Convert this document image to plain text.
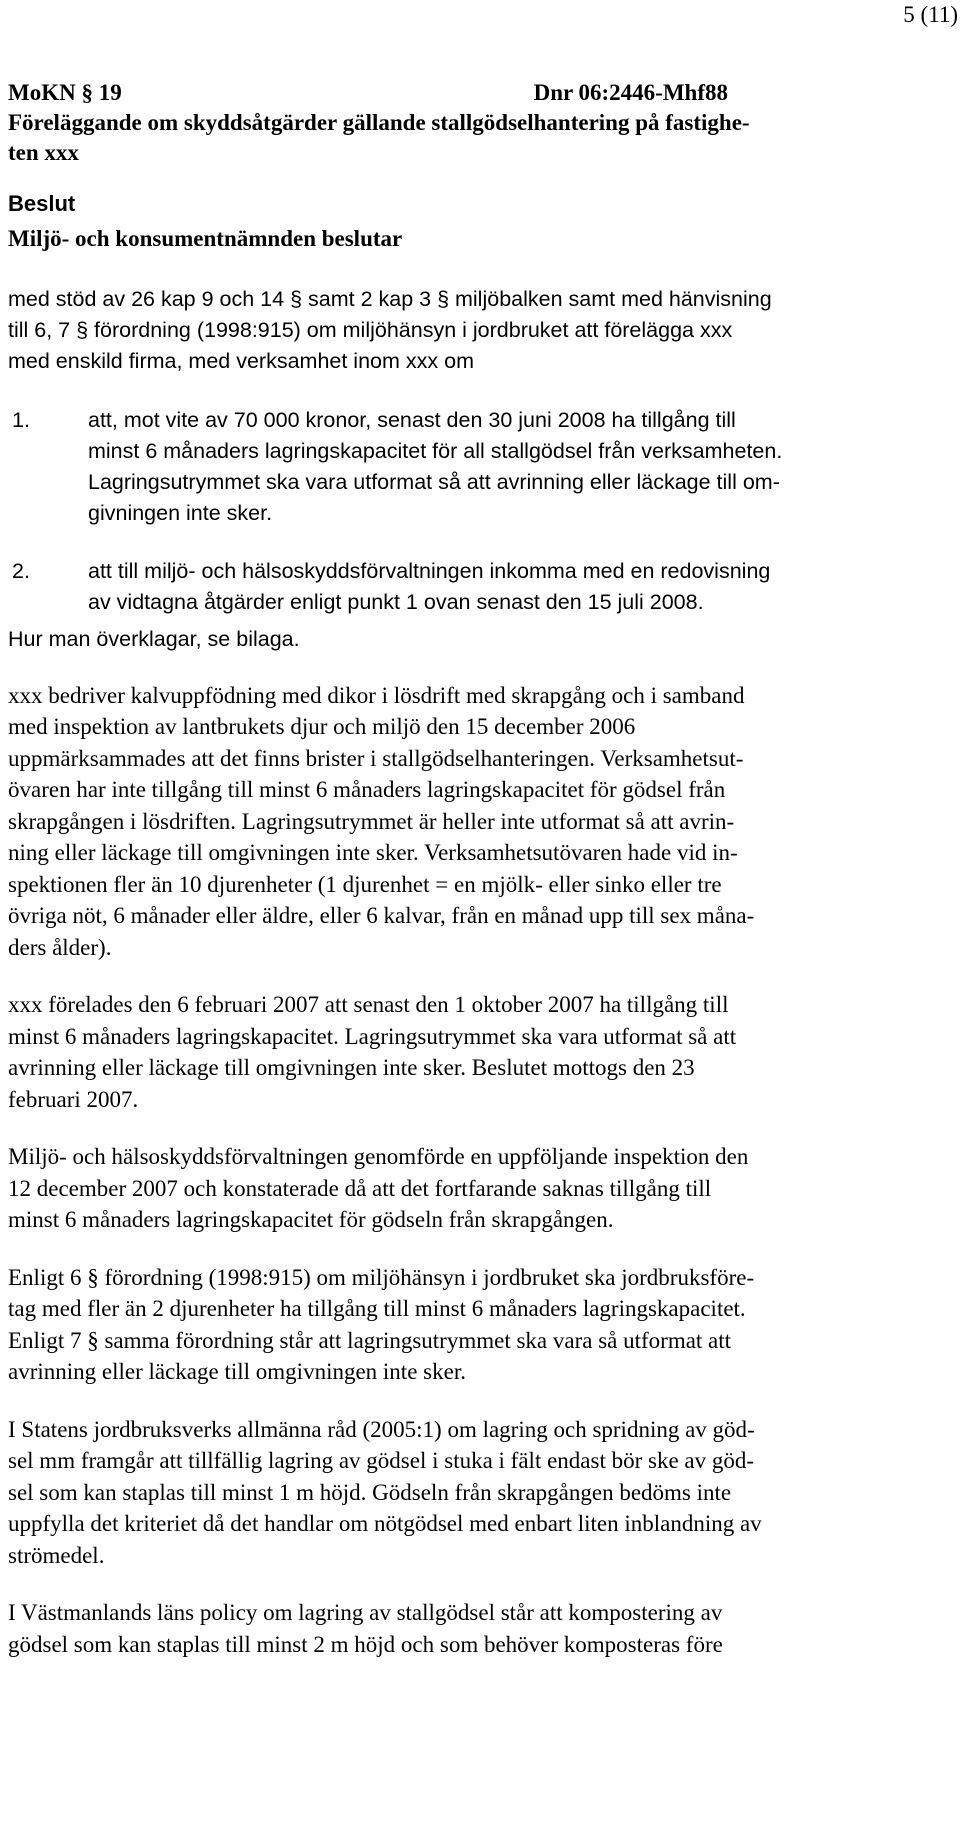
5 (11)
MoKN § 19	Dnr 06:2446-Mhf88
Föreläggande om skyddsåtgärder gällande stallgödselhantering på fastighe-
ten xxx
Beslut
Miljö- och konsumentnämnden beslutar
med stöd av 26 kap 9 och 14 § samt 2 kap 3 § miljöbalken samt med hänvisning
till 6, 7 § förordning (1998:915) om miljöhänsyn i jordbruket att förelägga xxx
med enskild firma, med verksamhet inom xxx om
1.	att, mot vite av 70 000 kronor, senast den 30 juni 2008 ha tillgång till
minst 6 månaders lagringskapacitet för all stallgödsel från verksamheten.
Lagringsutrymmet ska vara utformat så att avrinning eller läckage till om-
givningen inte sker.
2.	att till miljö- och hälsoskyddsförvaltningen inkomma med en redovisning
av vidtagna åtgärder enligt punkt 1 ovan senast den 15 juli 2008.

Hur man överklagar, se bilaga.

xxx bedriver kalvuppfödning med dikor i lösdrift med skrapgång och i samband
med inspektion av lantbrukets djur och miljö den 15 december 2006
uppmärksammades att det finns brister i stallgödselhanteringen. Verksamhetsut-
övaren har inte tillgång till minst 6 månaders lagringskapacitet för gödsel från
skrapgången i lösdriften. Lagringsutrymmet är heller inte utformat så att avrin-
ning eller läckage till omgivningen inte sker. Verksamhetsutövaren hade vid in-
spektionen fler än 10 djurenheter (1 djurenhet = en mjölk- eller sinko eller tre
övriga nöt, 6 månader eller äldre, eller 6 kalvar, från en månad upp till sex måna-
ders ålder).

xxx förelades den 6 februari 2007 att senast den 1 oktober 2007 ha tillgång till
minst 6 månaders lagringskapacitet. Lagringsutrymmet ska vara utformat så att
avrinning eller läckage till omgivningen inte sker. Beslutet mottogs den 23
februari 2007.

Miljö- och hälsoskyddsförvaltningen genomförde en uppföljande inspektion den
12 december 2007 och konstaterade då att det fortfarande saknas tillgång till
minst 6 månaders lagringskapacitet för gödseln från skrapgången.

Enligt 6 § förordning (1998:915) om miljöhänsyn i jordbruket ska jordbruksföre-
tag med fler än 2 djurenheter ha tillgång till minst 6 månaders lagringskapacitet.
Enligt 7 § samma förordning står att lagringsutrymmet ska vara så utformat att
avrinning eller läckage till omgivningen inte sker.

I Statens jordbruksverks allmänna råd (2005:1) om lagring och spridning av göd-
sel mm framgår att tillfällig lagring av gödsel i stuka i fält endast bör ske av göd-
sel som kan staplas till minst 1 m höjd. Gödseln från skrapgången bedöms inte
uppfylla det kriteriet då det handlar om nötgödsel med enbart liten inblandning av
strömedel.

I Västmanlands läns policy om lagring av stallgödsel står att kompostering av
gödsel som kan staplas till minst 2 m höjd och som behöver komposteras före
